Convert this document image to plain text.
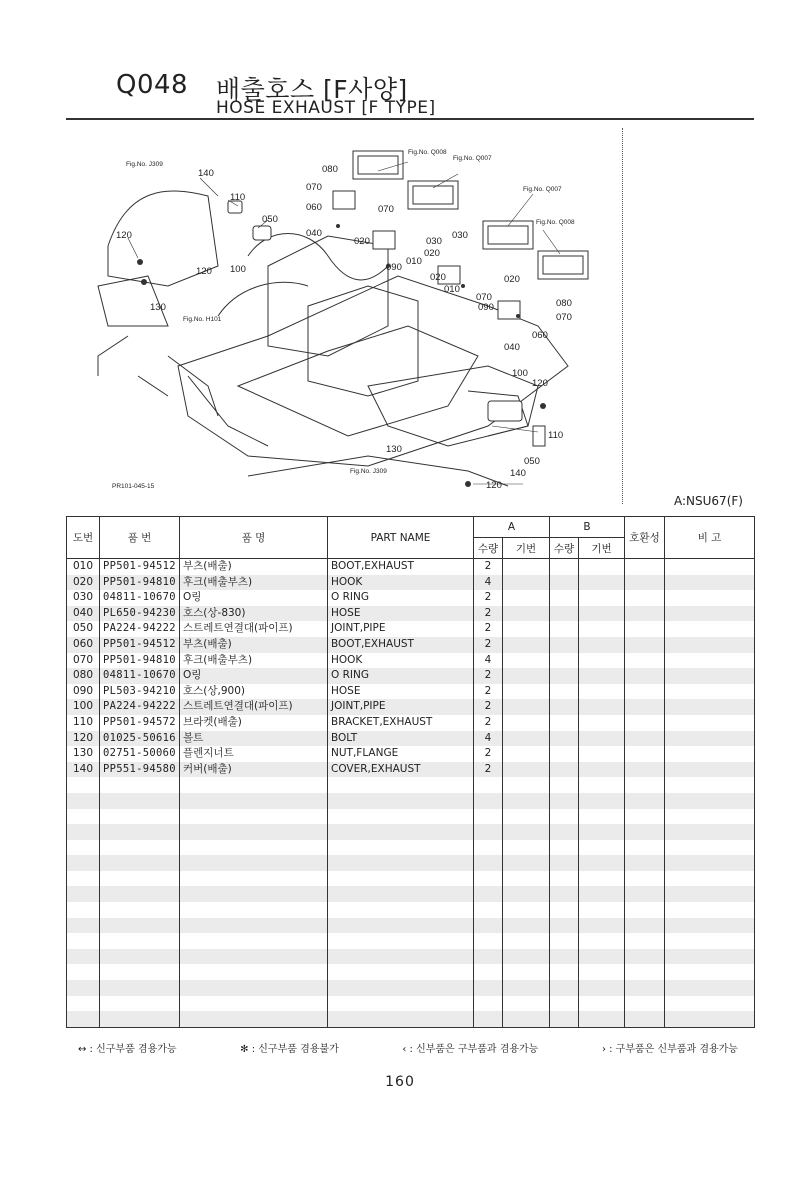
Q048 배출호스 [F사양]
HOSE EXHAUST [F TYPE]
Fig.No. J309
Fig.No. H101
Fig.No. Q008
Fig.No. Q007
Fig.No. Q007
Fig.No. Q008
Fig.No. J309
PR101-045-15
140
110
050
120
120 100
130
080
070
060	070
040
020	030
090
010
020
030
020
010
070
090
020
080
070
060
040
100
120
110
130
050
140
120
A:NSU67(F)
도번	품 번	품 명	PART NAME	A		B		호환성	비 고
				수량	기번	수량	기번		
010	PP501-94512	부츠(배출)	BOOT,EXHAUST	2					
020	PP501-94810	후크(배출부츠)	HOOK	4					
030	04811-10670	O링	O RING	2					
040	PL650-94230	호스(상-830)	HOSE	2					
050	PA224-94222	스트레트연결대(파이프)	JOINT,PIPE	2					
060	PP501-94512	부츠(배출)	BOOT,EXHAUST	2					
070	PP501-94810	후크(배출부츠)	HOOK	4					
080	04811-10670	O링	O RING	2					
090	PL503-94210	호스(상,900)	HOSE	2					
100	PA224-94222	스트레트연결대(파이프)	JOINT,PIPE	2					
110	PP501-94572	브라켓(배출)	BRACKET,EXHAUST	2					
120	01025-50616	볼트	BOLT	4					
130	02751-50060	플렌지너트	NUT,FLANGE	2					
140	PP551-94580	커버(배출)	COVER,EXHAUST	2					

↔ : 신구부품 겸용가능	✻ : 신구부품 겸용불가	‹ : 신부품은 구부품과 겸용가능	› : 구부품은 신부품과 겸용가능
160
